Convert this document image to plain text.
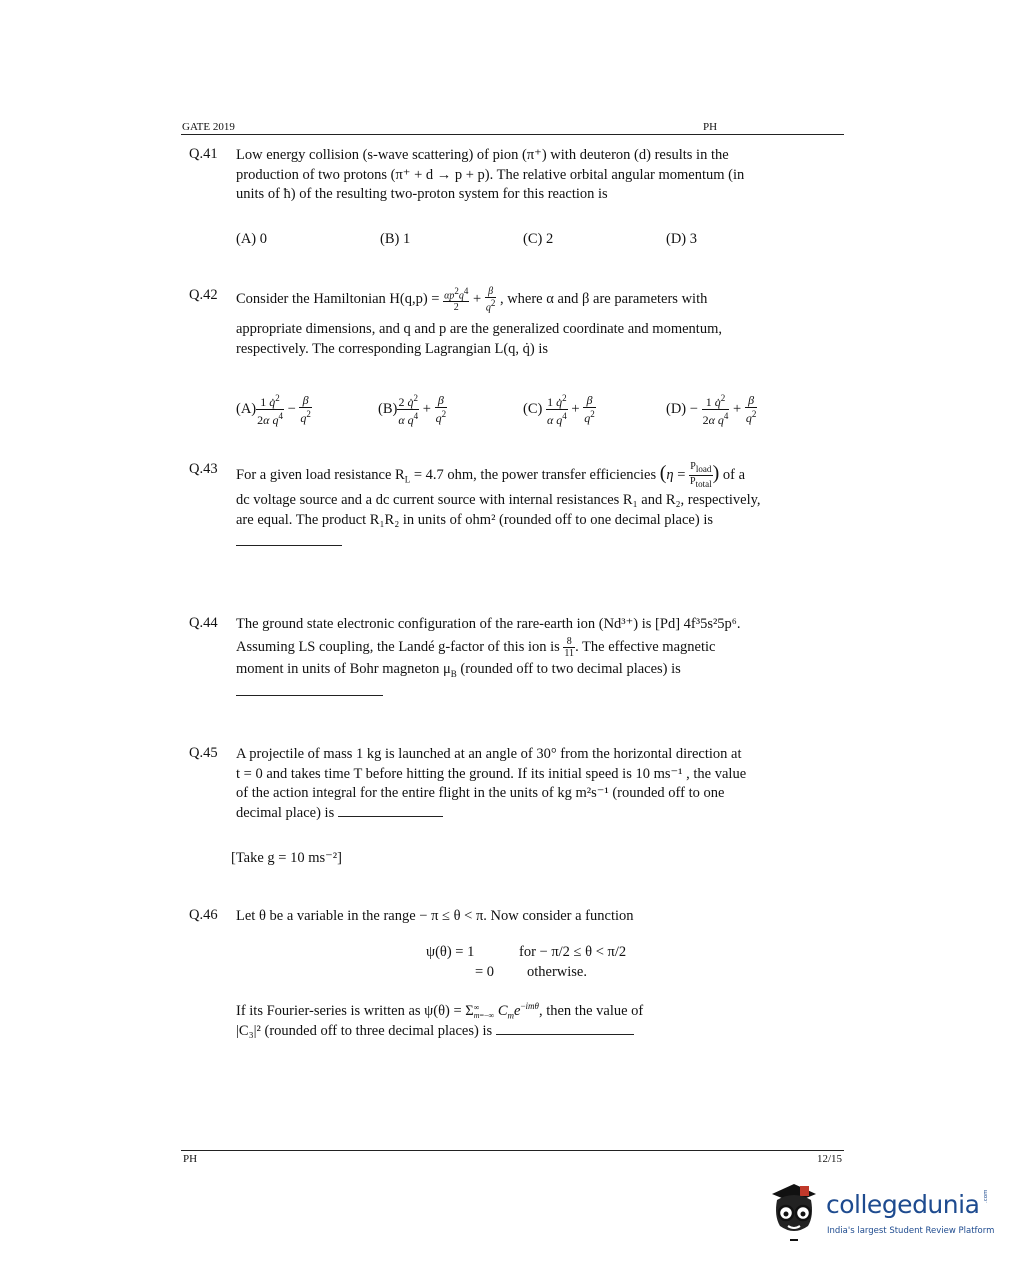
GATE 2019	PH
Q.41 Low energy collision (s-wave scattering) of pion (π⁺) with deuteron (d) results in the
production of two protons (π⁺ + d → p + p). The relative orbital angular momentum (in
units of ħ) of the resulting two-proton system for this reaction is
(A) 0	(B) 1	(C) 2	(D) 3
Q.42 Consider the Hamiltonian $H(q,p) = \frac{\alpha p2q4}{2} + \frac{\beta}{q2}$ , where α and β are parameters with
appropriate dimensions, and q and p are the generalized coordinate and momentum,
respectively. The corresponding Lagrangian L(q, q̇) is
$(A) \frac{1 q̇^2}{2\alpha q^4} - \frac{\beta}{q^2}$	$(B) \frac{2 q̇^2}{\alpha q^4} + \frac{\beta}{q^2}$	$(C) \frac{1 q̇^2}{\alpha q^4} + \frac{\beta}{q^2}$	$(D) - \frac{1 q̇^2}{2\alpha q^4} + \frac{\beta}{q^2}$
Q.43 For a given load resistance $R_L = 4.7$ ohm, the power transfer efficiencies ($\eta = \frac{\text{Pload}}{\text{Ptotal}}$ ) of a
dc voltage source and a dc current source with internal resistances R₁ and R₂, respectively,
are equal. The product R₁R₂ in units of ohm² (rounded off to one decimal place) is
Q.44 The ground state electronic configuration of the rare-earth ion (Nd³⁺) is [Pd] 4f³5s²5p⁶.
Assuming LS coupling, the Landé g-factor of this ion is $\frac{8}{11}$ . The effective magnetic
moment in units of Bohr magneton $\mu_B$ (rounded off to two decimal places) is
Q.45 A projectile of mass 1 kg is launched at an angle of 30° from the horizontal direction at
t = 0 and takes time T before hitting the ground. If its initial speed is 10 ms⁻¹ , the value
of the action integral for the entire flight in the units of kg m²s⁻¹ (rounded off to one
decimal place) is
[Take g = 10 ms⁻²]
Q.46 Let θ be a variable in the range − π ≤ θ < π. Now consider a function
ψ(θ) = 1	for − π/2 ≤ θ < π/2
= 0 otherwise.
If its Fourier-series is written as ψ(θ) = Σ ∞
m=−∞ $C_me^{-im\theta}$, then the value of
|C₃|² (rounded off to three decimal places) is
PH	12/15
collegedunia .com
India's largest Student Review Platform
